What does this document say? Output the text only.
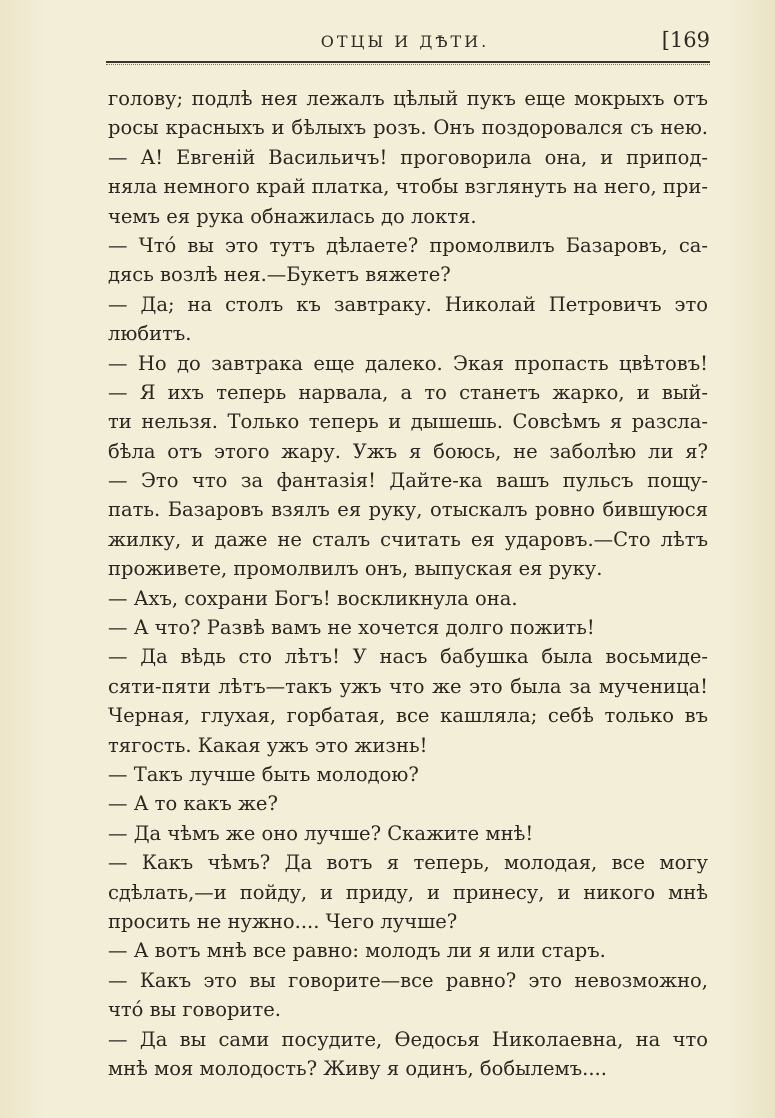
ОТЦЫ И ДѢТИ.	[169
голову; подлѣ нея лежалъ цѣлый пукъ еще мокрыхъ отъ
росы красныхъ и бѣлыхъ розъ. Онъ поздоровался съ нею.
— А! Евгеній Васильичъ! проговорила она, и припод-
няла немного край платка, чтобы взглянуть на него, при-
чемъ ея рука обнажилась до локтя.
— Чтó вы это тутъ дѣлаете? промолвилъ Базаровъ, са-
дясь возлѣ нея.—Букетъ вяжете?
— Да; на столъ къ завтраку. Николай Петровичъ это
любитъ.
— Но до завтрака еще далеко. Экая пропасть цвѣтовъ!
— Я ихъ теперь нарвала, а то станетъ жарко, и вый-
ти нельзя. Только теперь и дышешь. Совсѣмъ я разсла-
бѣла отъ этого жару. Ужъ я боюсь, не заболѣю ли я?
— Это что за фантазія! Дайте-ка вашъ пульсъ пощу-
пать. Базаровъ взялъ ея руку, отыскалъ ровно бившуюся
жилку, и даже не сталъ считать ея ударовъ.—Сто лѣтъ
проживете, промолвилъ онъ, выпуская ея руку.
— Ахъ, сохрани Богъ! воскликнула она.
— А что? Развѣ вамъ не хочется долго пожить!
— Да вѣдь сто лѣтъ! У насъ бабушка была восьмиде-
сяти-пяти лѣтъ—такъ ужъ что же это была за мученица!
Черная, глухая, горбатая, все кашляла; себѣ только въ
тягость. Какая ужъ это жизнь!
— Такъ лучше быть молодою?
— А то какъ же?
— Да чѣмъ же оно лучше? Скажите мнѣ!
— Какъ чѣмъ? Да вотъ я теперь, молодая, все могу
сдѣлать,—и пойду, и приду, и принесу, и никого мнѣ
просить не нужно.... Чего лучше?
— А вотъ мнѣ все равно: молодъ ли я или старъ.
— Какъ это вы говорите—все равно? это невозможно,
чтó вы говорите.
— Да вы сами посудите, Ѳедосья Николаевна, на что
мнѣ моя молодость? Живу я одинъ, бобылемъ....
